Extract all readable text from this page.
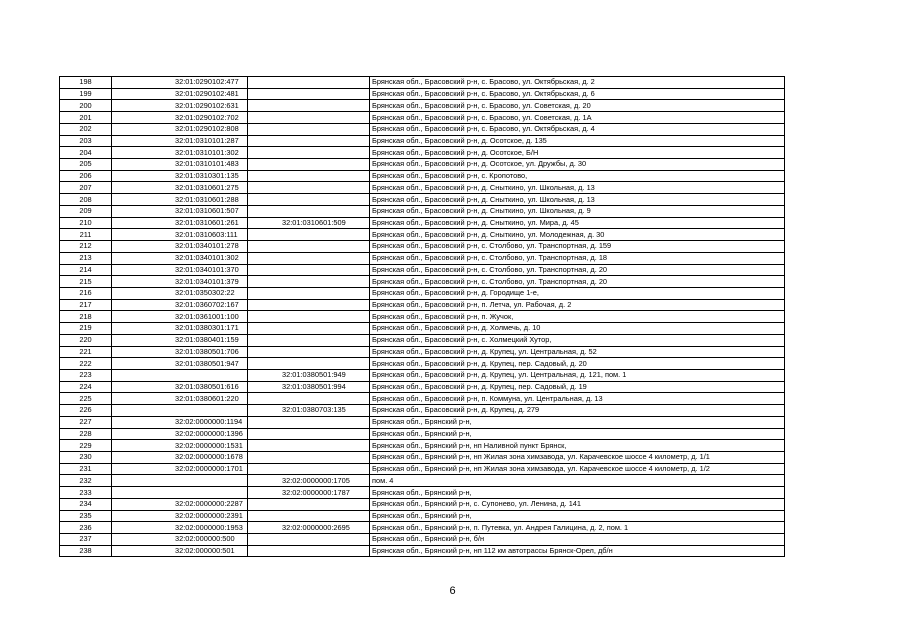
198	32:01:0290102:477		Брянская обл., Брасовский р-н, с. Брасово, ул. Октябрьская, д. 2
199	32:01:0290102:481		Брянская обл., Брасовский р-н, с. Брасово, ул. Октябрьская, д. 6
200	32:01:0290102:631		Брянская обл., Брасовский р-н, с. Брасово, ул. Советская, д. 20
201	32:01:0290102:702		Брянская обл., Брасовский р-н, с. Брасово, ул. Советская, д. 1А
202	32:01:0290102:808		Брянская обл., Брасовский р-н, с. Брасово, ул. Октябрьская, д. 4
203	32:01:0310101:287		Брянская обл., Брасовский р-н, д. Осотское, д. 135
204	32:01:0310101:302		Брянская обл., Брасовский р-н, д. Осотское, Б/Н
205	32:01:0310101:483		Брянская обл., Брасовский р-н, д. Осотское, ул. Дружбы, д. 30
206	32:01:0310301:135		Брянская обл., Брасовский р-н, с. Кропотово,
207	32:01:0310601:275		Брянская обл., Брасовский р-н, д. Сныткино, ул. Школьная, д. 13
208	32:01:0310601:288		Брянская обл., Брасовский р-н, д. Сныткино, ул. Школьная, д. 13
209	32:01:0310601:507		Брянская обл., Брасовский р-н, д. Сныткино, ул. Школьная, д. 9
210	32:01:0310601:261	32:01:0310601:509	Брянская обл., Брасовский р-н, д. Сныткино, ул. Мира, д. 45
211	32:01:0310603:111		Брянская обл., Брасовский р-н, д. Сныткино, ул. Молодежная, д. 30
212	32:01:0340101:278		Брянская обл., Брасовский р-н, с. Столбово, ул. Транспортная, д. 159
213	32:01:0340101:302		Брянская обл., Брасовский р-н, с. Столбово, ул. Транспортная, д. 18
214	32:01:0340101:370		Брянская обл., Брасовский р-н, с. Столбово, ул. Транспортная, д. 20
215	32:01:0340101:379		Брянская обл., Брасовский р-н, с. Столбово, ул. Транспортная, д. 20
216	32:01:0350302:22		Брянская обл., Брасовский р-н, д. Городище 1-е,
217	32:01:0360702:167		Брянская обл., Брасовский р-н, п. Летча, ул. Рабочая, д. 2
218	32:01:0361001:100		Брянская обл., Брасовский р-н, п. Жучок,
219	32:01:0380301:171		Брянская обл., Брасовский р-н, д. Холмечь, д. 10
220	32:01:0380401:159		Брянская обл., Брасовский р-н, с. Холмецкий Хутор,
221	32:01:0380501:706		Брянская обл., Брасовский р-н, д. Крупец, ул. Центральная, д. 52
222	32:01:0380501:947		Брянская обл., Брасовский р-н, д. Крупец, пер. Садовый, д. 20
223		32:01:0380501:949	Брянская обл., Брасовский р-н, д. Крупец, ул. Центральная, д. 121, пом. 1
224	32:01:0380501:616	32:01:0380501:994	Брянская обл., Брасовский р-н, д. Крупец, пер. Садовый, д. 19
225	32:01:0380601:220		Брянская обл., Брасовский р-н, п. Коммуна, ул. Центральная, д. 13
226		32:01:0380703:135	Брянская обл., Брасовский р-н, д. Крупец, д. 279
227	32:02:0000000:1194		Брянская обл., Брянский р-н,
228	32:02:0000000:1396		Брянская обл., Брянский р-н,
229	32:02:0000000:1531		Брянская обл., Брянский р-н, нп Наливной пункт Брянск,
230	32:02:0000000:1678		Брянская обл., Брянский р-н, нп Жилая зона химзавода, ул. Карачевское шоссе 4 километр, д. 1/1
231	32:02:0000000:1701		Брянская обл., Брянский р-н, нп Жилая зона химзавода, ул. Карачевское шоссе 4 километр, д. 1/2
232		32:02:0000000:1705	пом. 4
233		32:02:0000000:1787	Брянская обл., Брянский р-н,
234	32:02:0000000:2287		Брянская обл., Брянский р-н, с. Супонево, ул. Ленина, д. 141
235	32:02:0000000:2391		Брянская обл., Брянский р-н,
236	32:02:0000000:1953	32:02:0000000:2695	Брянская обл., Брянский р-н, п. Путевка, ул. Андрея Галицина, д. 2, пом. 1
237	32:02:000000:500		Брянская обл., Брянский р-н, б/н
238	32:02:000000:501		Брянская обл., Брянский р-н, нп 112 км автотрассы Брянск-Орел, дб/н
6
